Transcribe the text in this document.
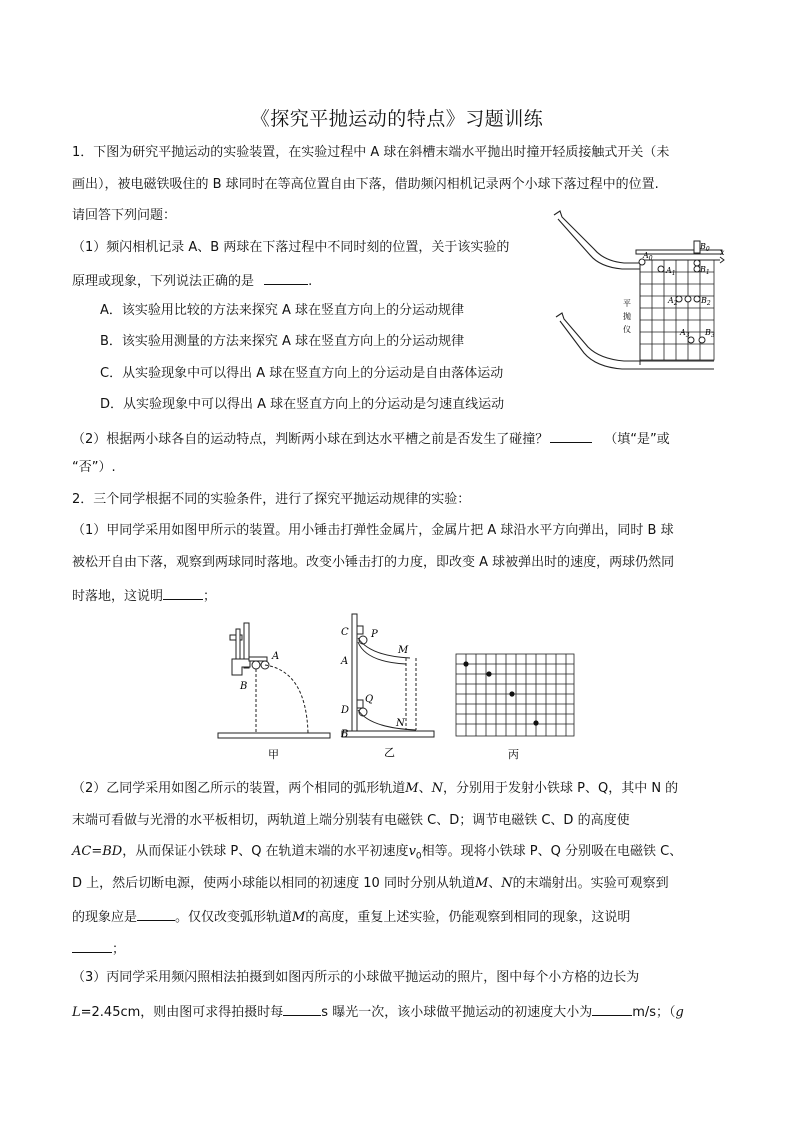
《探究平抛运动的特点》习题训练
1．下图为研究平抛运动的实验装置，在实验过程中 A 球在斜槽末端水平抛出时撞开轻质接触式开关（未
画出），被电磁铁吸住的 B 球同时在等高位置自由下落，借助频闪相机记录两个小球下落过程中的位置.
请回答下列问题：
（1）频闪相机记录 A、B 两球在下落过程中不同时刻的位置，关于该实验的
原理或现象，下列说法正确的是	.
A．该实验用比较的方法来探究 A 球在竖直方向上的分运动规律
B．该实验用测量的方法来探究 A 球在竖直方向上的分运动规律
C．从实验现象中可以得出 A 球在竖直方向上的分运动是自由落体运动
D．从实验现象中可以得出 A 球在竖直方向上的分运动是匀速直线运动
（2）根据两小球各自的运动特点，判断两小球在到达水平槽之前是否发生了碰撞？	（填“是”或
“否”）.
$A_0$
$B_0$ x
$A_1$	$B_1$
$A_2$	$B_2$
$A_3$ $B_3$
平
抛
仪
2．三个同学根据不同的实验条件，进行了探究平抛运动规律的实验：
（1）甲同学采用如图甲所示的装置。用小锤击打弹性金属片，金属片把 A 球沿水平方向弹出，同时 B 球
被松开自由下落，观察到两球同时落地。改变小锤击打的力度，即改变 A 球被弹出时的速度，两球仍然同
时落地，这说明	；
A
B
甲
C P
A
M
D
Q
B
N
乙	丙
（2）乙同学采用如图乙所示的装置，两个相同的弧形轨道M、N，分别用于发射小铁球 P、Q，其中 N 的
末端可看做与光滑的水平板相切，两轨道上端分别装有电磁铁 C、D；调节电磁铁 C、D 的高度使
AC=BD，从而保证小铁球 P、Q 在轨道末端的水平初速度$v_0$相等。现将小铁球 P、Q 分别吸在电磁铁 C、
D 上，然后切断电源，使两小球能以相同的初速度 10 同时分别从轨道M、N的末端射出。实验可观察到
的现象应是	。仅仅改变弧形轨道M的高度，重复上述实验，仍能观察到相同的现象，这说明
；
（3）丙同学采用频闪照相法拍摄到如图丙所示的小球做平抛运动的照片，图中每个小方格的边长为
L=2.45cm，则由图可求得拍摄时每	s 曝光一次，该小球做平抛运动的初速度大小为	m/s；（g
